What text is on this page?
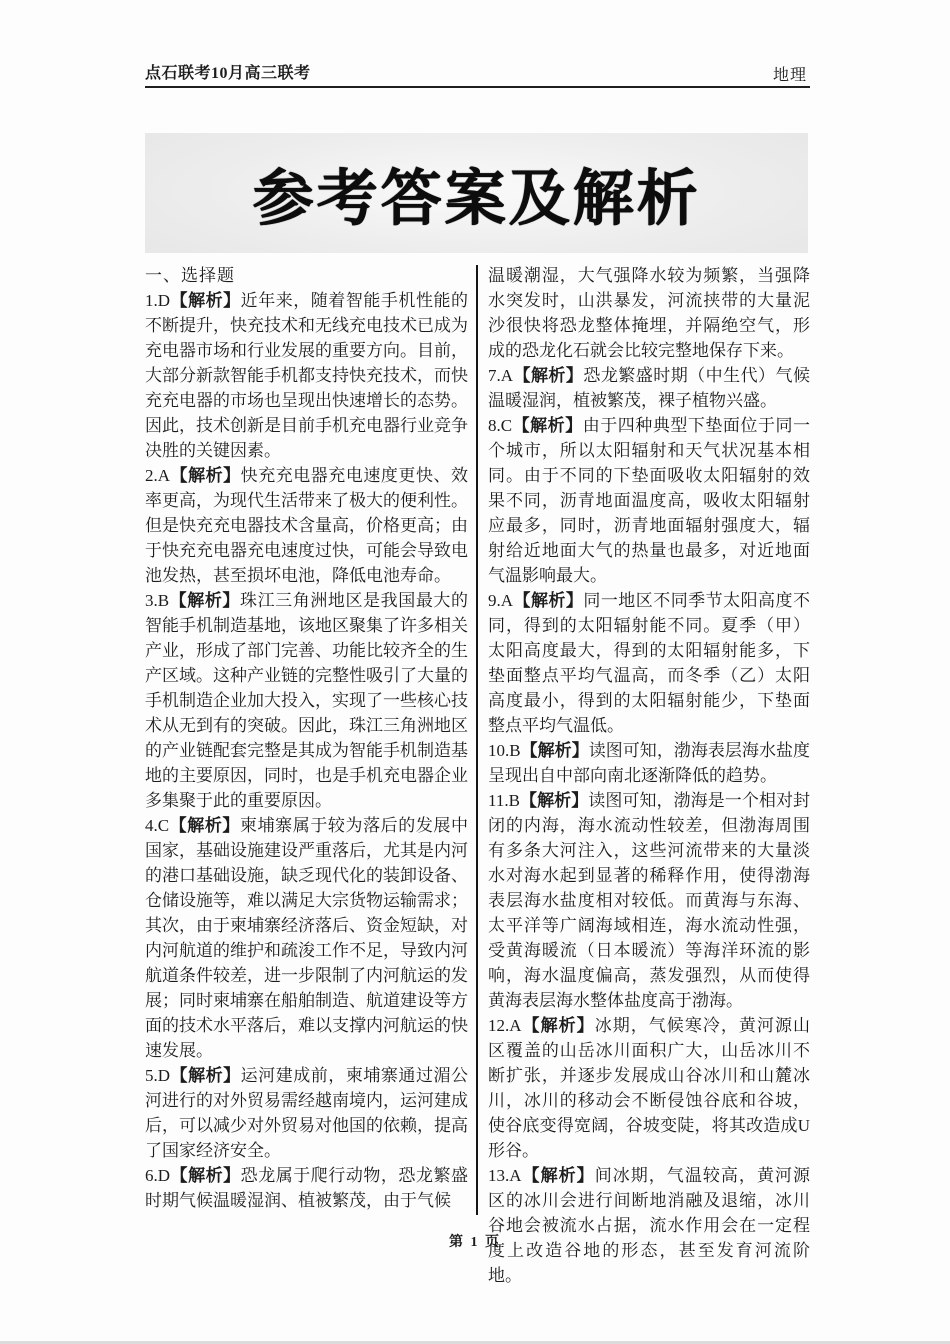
点石联考10月高三联考	地理
参考答案及解析

一、选择题

1.D【解析】近年来，随着智能手机性能的不断提升，快充技术和无线充电技术已成为充电器市场和行业发展的重要方向。目前，大部分新款智能手机都支持快充技术，而快充充电器的市场也呈现出快速增长的态势。因此，技术创新是目前手机充电器行业竞争决胜的关键因素。

2.A【解析】快充充电器充电速度更快、效率更高，为现代生活带来了极大的便利性。但是快充充电器技术含量高，价格更高；由于快充充电器充电速度过快，可能会导致电池发热，甚至损坏电池，降低电池寿命。

3.B【解析】珠江三角洲地区是我国最大的智能手机制造基地，该地区聚集了许多相关产业，形成了部门完善、功能比较齐全的生产区域。这种产业链的完整性吸引了大量的手机制造企业加大投入，实现了一些核心技术从无到有的突破。因此，珠江三角洲地区的产业链配套完整是其成为智能手机制造基地的主要原因，同时，也是手机充电器企业多集聚于此的重要原因。

4.C【解析】柬埔寨属于较为落后的发展中国家，基础设施建设严重落后，尤其是内河的港口基础设施，缺乏现代化的装卸设备、仓储设施等，难以满足大宗货物运输需求；其次，由于柬埔寨经济落后、资金短缺，对内河航道的维护和疏浚工作不足，导致内河航道条件较差，进一步限制了内河航运的发展；同时柬埔寨在船舶制造、航道建设等方面的技术水平落后，难以支撑内河航运的快速发展。

5.D【解析】运河建成前，柬埔寨通过湄公河进行的对外贸易需经越南境内，运河建成后，可以减少对外贸易对他国的依赖，提高了国家经济安全。

6.D【解析】恐龙属于爬行动物，恐龙繁盛时期气候温暖湿润、植被繁茂，由于气候

温暖潮湿，大气强降水较为频繁，当强降水突发时，山洪暴发，河流挟带的大量泥沙很快将恐龙整体掩埋，并隔绝空气，形成的恐龙化石就会比较完整地保存下来。

7.A【解析】恐龙繁盛时期（中生代）气候温暖湿润，植被繁茂，裸子植物兴盛。

8.C【解析】由于四种典型下垫面位于同一个城市，所以太阳辐射和天气状况基本相同。由于不同的下垫面吸收太阳辐射的效果不同，沥青地面温度高，吸收太阳辐射应最多，同时，沥青地面辐射强度大，辐射给近地面大气的热量也最多，对近地面气温影响最大。

9.A【解析】同一地区不同季节太阳高度不同，得到的太阳辐射能不同。夏季（甲）太阳高度最大，得到的太阳辐射能多，下垫面整点平均气温高，而冬季（乙）太阳高度最小，得到的太阳辐射能少，下垫面整点平均气温低。

10.B【解析】读图可知，渤海表层海水盐度呈现出自中部向南北逐渐降低的趋势。

11.B【解析】读图可知，渤海是一个相对封闭的内海，海水流动性较差，但渤海周围有多条大河注入，这些河流带来的大量淡水对海水起到显著的稀释作用，使得渤海表层海水盐度相对较低。而黄海与东海、太平洋等广阔海域相连，海水流动性强，受黄海暖流（日本暖流）等海洋环流的影响，海水温度偏高，蒸发强烈，从而使得黄海表层海水整体盐度高于渤海。

12.A【解析】冰期，气候寒冷，黄河源山区覆盖的山岳冰川面积广大，山岳冰川不断扩张，并逐步发展成山谷冰川和山麓冰川，冰川的移动会不断侵蚀谷底和谷坡，使谷底变得宽阔，谷坡变陡，将其改造成U形谷。

13.A【解析】间冰期，气温较高，黄河源区的冰川会进行间断地消融及退缩，冰川谷地会被流水占据，流水作用会在一定程度上改造谷地的形态，甚至发育河流阶地。

第 1 页
